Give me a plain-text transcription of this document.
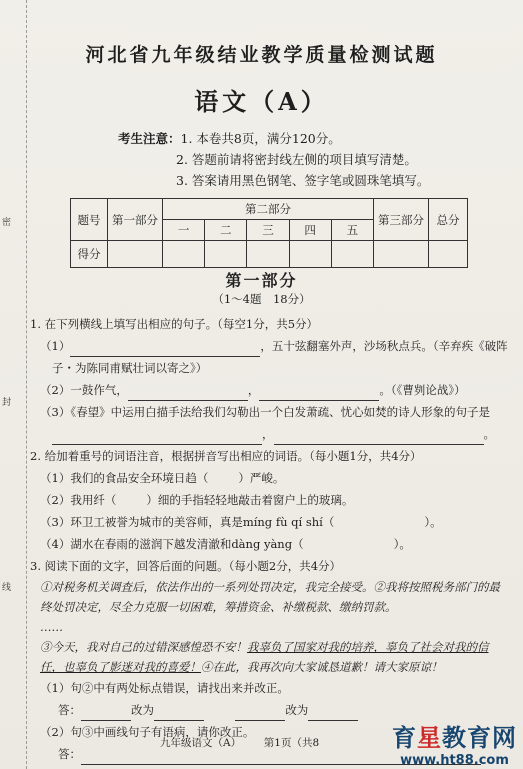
密
封
线
河北省九年级结业教学质量检测试题
语文（A）
考生注意：1. 本卷共8页，满分120分。
2. 答题前请将密封线左侧的项目填写清楚。
3. 答案请用黑色钢笔、签字笔或圆珠笔填写。
题号	第一部分	第二部分					第三部分	总分
		一	二	三	四	五		
得分								
第一部分
（1～4题　18分）

1. 在下列横线上填写出相应的句子。（每空1分，共5分）

（1）	，五十弦翻塞外声，沙场秋点兵。（辛弃疾《破阵

子・为陈同甫赋壮词以寄之》）

（2）一鼓作气，	，	。（《曹刿论战》）

（3）《春望》中运用白描手法给我们勾勒出一个白发萧疏、忧心如焚的诗人形象的句子是

，	。

2. 给加着重号的词语注音，根据拼音写出相应的词语。（每小题1分，共4分）

（1）我们的食品安全环境日趋（	）严峻。

（2）我用纤（	）细的手指轻轻地敲击着窗户上的玻璃。

（3）环卫工被誉为城市的美容师，真是míng fù qí shí（	）。

（4）湖水在春雨的滋润下越发清澈和dàng yàng（	）。

3. 阅读下面的文字，回答后面的问题。（每小题2分，共4分）

①对税务机关调査后，依法作出的一系列处罚决定，我完全接受。②我将按照税务部门的最终处罚决定，尽全力克服一切困难，筹措资金、补缴税款、缴纳罚款。

……

③今天，我对自己的过错深感惶恐不安！我辜负了国家对我的培养，辜负了社会对我的信任，也辜负了影迷对我的喜爱！④在此，我再次向大家诚恳道歉！请大家原谅！

（1）句②中有两处标点错误，请找出来并改正。

答：	改为	改为

（2）句③中画线句子有语病，请你改正。

答：

九年级语文（A） 第1页（共8	育星教育网
www.ht88.com
